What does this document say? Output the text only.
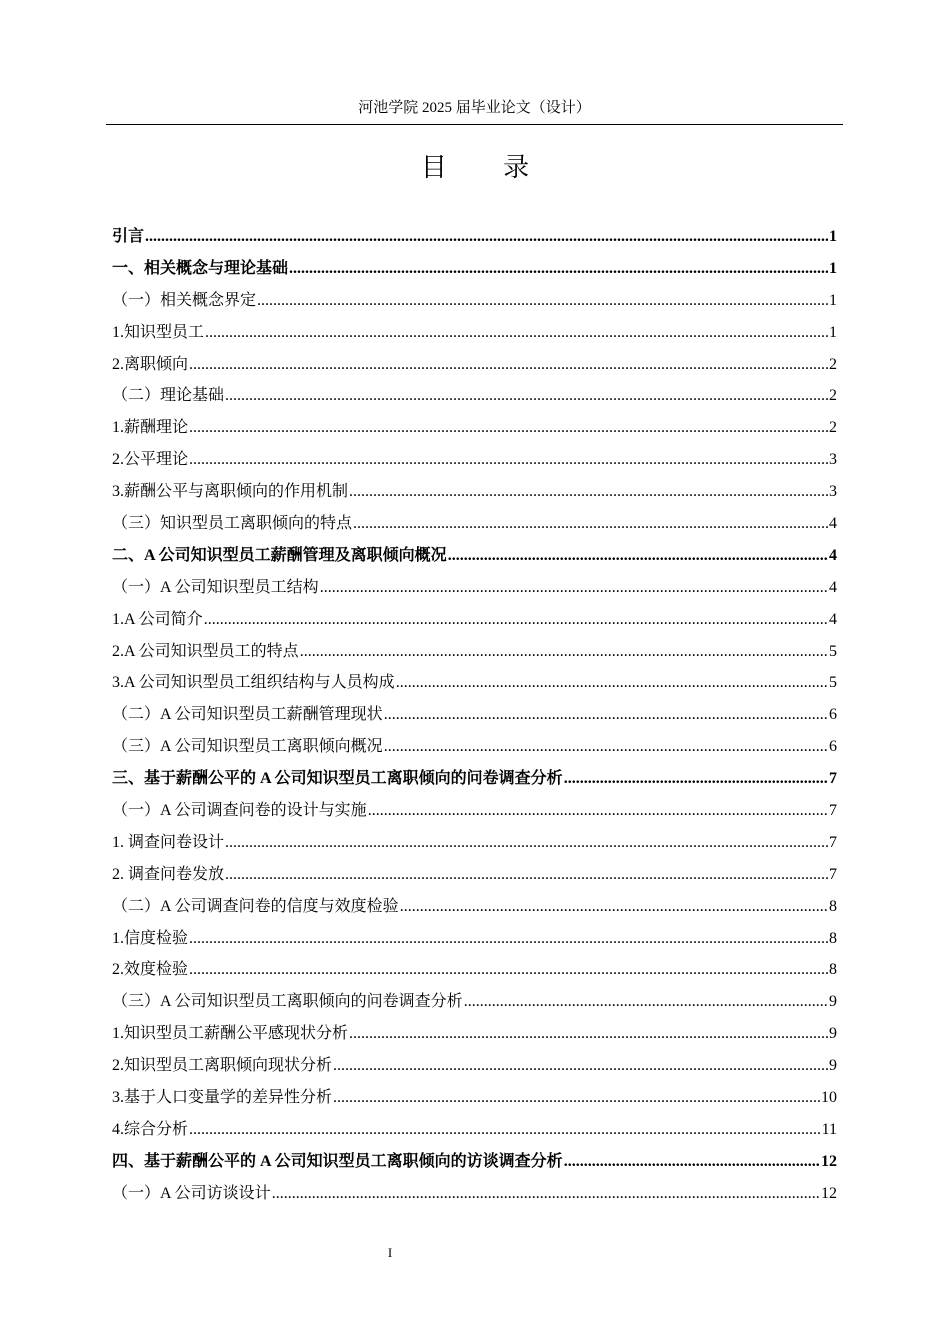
河池学院 2025 届毕业论文（设计）
目 录
引言 .....	1
一、相关概念与理论基础 .....	1
（一）相关概念界定 .....	1
1.知识型员工 .....	1
2.离职倾向 .....	2
（二）理论基础 .....	2
1.薪酬理论 .....	2
2.公平理论 .....	3
3.薪酬公平与离职倾向的作用机制 .....	3
（三）知识型员工离职倾向的特点 .....	4
二、A 公司知识型员工薪酬管理及离职倾向概况 .....	4
（一）A 公司知识型员工结构 .....	4
1.A 公司简介 .....	4
2.A 公司知识型员工的特点 .....	5
3.A 公司知识型员工组织结构与人员构成 .....	5
（二）A 公司知识型员工薪酬管理现状 .....	6
（三）A 公司知识型员工离职倾向概况 .....	6
三、基于薪酬公平的 A 公司知识型员工离职倾向的问卷调查分析 .....	7
（一）A 公司调查问卷的设计与实施 .....	7
1. 调查问卷设计 .....	7
2. 调查问卷发放 .....	7
（二）A 公司调查问卷的信度与效度检验 .....	8
1.信度检验 .....	8
2.效度检验 .....	8
（三）A 公司知识型员工离职倾向的问卷调查分析 .....	9
1.知识型员工薪酬公平感现状分析 .....	9
2.知识型员工离职倾向现状分析 .....	9
3.基于人口变量学的差异性分析 .....	10
4.综合分析 .....	11
四、基于薪酬公平的 A 公司知识型员工离职倾向的访谈调查分析 .....	12
（一）A 公司访谈设计 .....	12
I
